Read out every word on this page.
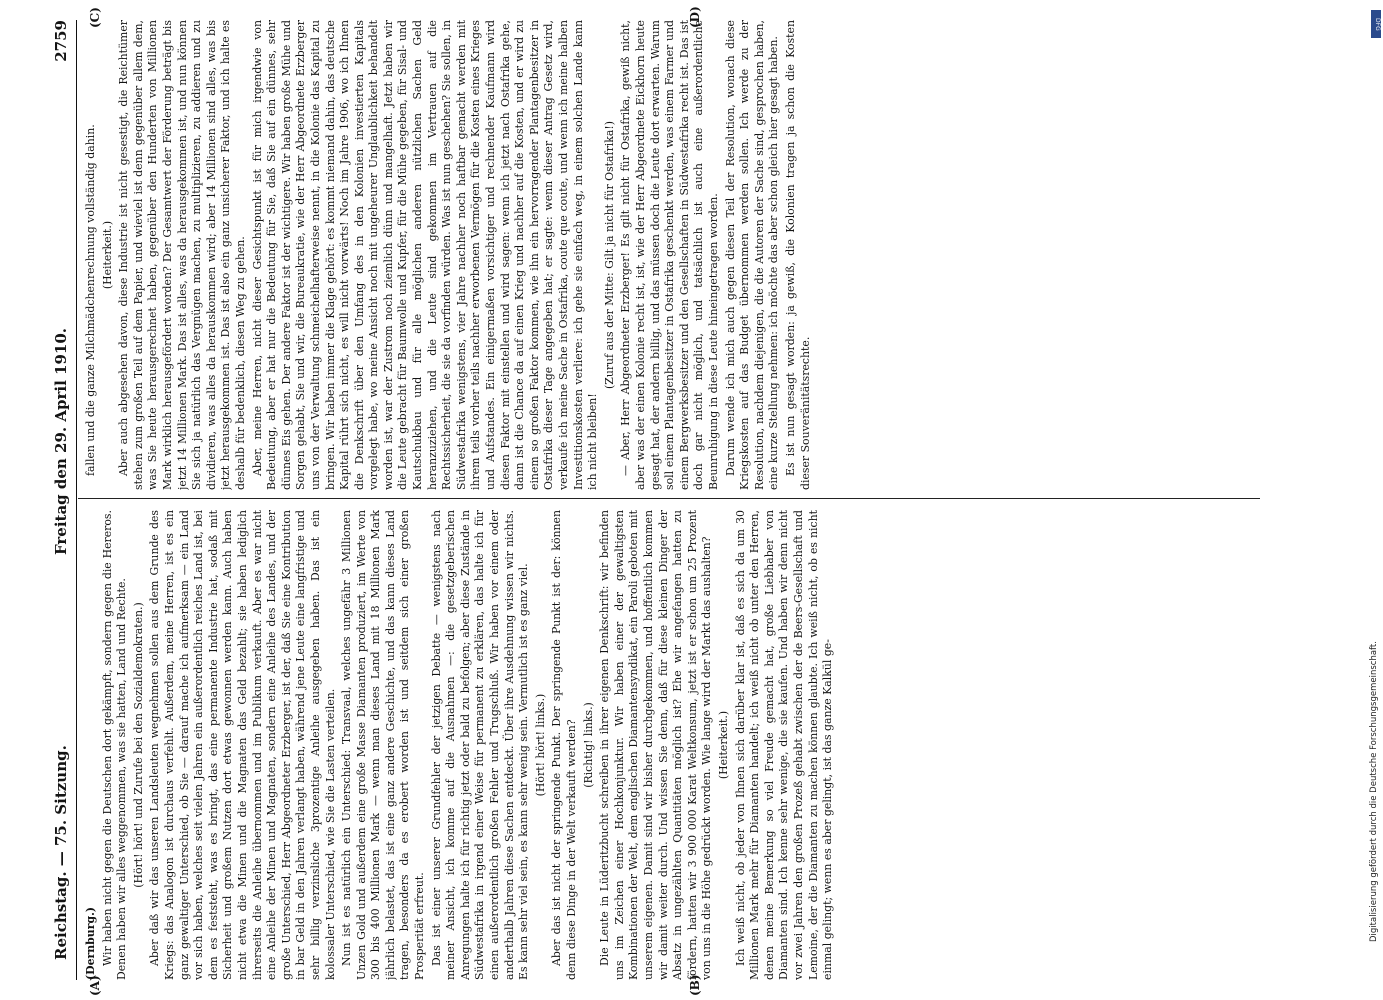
Reichstag. — 75. Sitzung.
Freitag den 29. April 1910.
2759
(A)	(B)
(C)	(D)

(Dernburg.) Wir haben nicht gegen die Deutschen dort gekämpft, sondern gegen die Hereros. Denen haben wir alles weggenommen, was sie hatten, Land und Rechte. (Hört! hört! und Zurufe bei den Sozialdemokraten.) Aber daß wir das unseren Landsleuten wegnehmen sollen aus dem Grunde des Kriegs: das Analogon ist durchaus verfehlt. Außerdem, meine Herren, ist es ein ganz gewaltiger Unterschied, ob Sie — darauf mache ich aufmerksam — ein Land vor sich haben, welches seit vielen Jahren ein außerordentlich reiches Land ist, bei dem es feststeht, was es bringt, das eine permanente Industrie hat, sodaß mit Sicherheit und großem Nutzen dort etwas gewonnen werden kann. Auch haben nicht etwa die Minen und die Magnaten das Geld bezahlt; sie haben lediglich ihrerseits die Anleihe übernommen und im Publikum verkauft. Aber es war nicht eine Anleihe der Minen und Magnaten, sondern eine Anleihe des Landes, und der große Unterschied, Herr Abgeordneter Erzberger, ist der, daß Sie eine Kontribution in bar Geld in den Jahren verlangt haben, während jene Leute eine langfristige und sehr billig verzinsliche 3prozentige Anleihe ausgegeben haben. Das ist ein kolossaler Unterschied, wie Sie die Lasten verteilen. Nun ist es natürlich ein Unterschied: Transvaal, welches ungefähr 3 Millionen Unzen Gold und außerdem eine große Masse Diamanten produziert, im Werte von 300 bis 400 Millionen Mark — wenn man dieses Land mit 18 Millionen Mark jährlich belastet, das ist eine ganz andere Geschichte, und das kann dieses Land tragen, besonders da es erobert worden ist und seitdem sich einer großen Prosperität erfreut. Das ist einer unserer Grundfehler der jetzigen Debatte — wenigstens nach meiner Ansicht, ich komme auf die Ausnahmen —: die gesetzgeberischen Anregungen halte ich für richtig jetzt oder bald zu befolgen; aber diese Zustände in Südwestafrika in irgend einer Weise für permanent zu erklären, das halte ich für einen außerordentlich großen Fehler und Trugschluß. Wir haben vor einem oder anderthalb Jahren diese Sachen entdeckt. Über ihre Ausdehnung wissen wir nichts. Es kann sehr viel sein, es kann sehr wenig sein. Vermutlich ist es ganz viel. (Hört! hört! links.) Aber das ist nicht der springende Punkt. Der springende Punkt ist der: können denn diese Dinge in der Welt verkauft werden? (Richtig! links.) Die Leute in Lüderitzbucht schreiben in ihrer eigenen Denkschrift: wir befinden uns im Zeichen einer Hochkonjunktur. Wir haben einer der gewaltigsten Kombinationen der Welt, dem englischen Diamantensyndikat, ein Paroli geboten mit unserem eigenen. Damit sind wir bisher durchgekommen, und hoffentlich kommen wir damit weiter durch. Und wissen Sie denn, daß für diese kleinen Dinger der Absatz in ungezählten Quantitäten möglich ist? Ehe wir angefangen hatten zu fördern, hatten wir 3 900 000 Karat Weltkonsum, jetzt ist er schon um 25 Prozent von uns in die Höhe gedrückt worden. Wie lange wird der Markt das aushalten? (Heiterkeit.) Ich weiß nicht, ob jeder von Ihnen sich darüber klar ist, daß es sich da um 30 Millionen Mark mehr für Diamanten handelt; ich weiß nicht ob unter den Herren, denen meine Bemerkung so viel Freude gemacht hat, große Liebhaber von Diamanten sind. Ich kenne sehr wenige, die sie kaufen. Und haben wir denn nicht vor zwei Jahren den großen Prozeß gehabt zwischen der de Beers-Gesellschaft und Lemoine, der die Diamanten zu machen können glaubte. Ich weiß nicht, ob es nicht einmal gelingt; wenn es aber gelingt, ist das ganze Kalkül ge-

fallen und die ganze Milchmädchenrechnung vollständig dahin. (Heiterkeit.) Aber auch abgesehen davon, diese Industrie ist nicht gesestigt, die Reichtümer stehen zum großen Teil auf dem Papier, und wieviel ist denn gegenüber allem dem, was Sie heute herausgerechnet haben, gegenüber den Hunderten von Millionen Mark wirklich herausgefördert worden? Der Gesamtwert der Förderung beträgt bis jetzt 14 Millionen Mark. Das ist alles, was da herausgekommen ist, und nun können Sie sich ja natürlich das Vergnügen machen, zu multiplizieren, zu addieren und zu dividieren, was alles da herauskommen wird; aber 14 Millionen sind alles, was bis jetzt herausgekommen ist. Das ist also ein ganz unsicherer Faktor, und ich halte es deshalb für bedenklich, diesen Weg zu gehen. Aber, meine Herren, nicht dieser Gesichtspunkt ist für mich irgendwie von Bedeutung, aber er hat nur die Bedeutung für Sie, daß Sie auf ein dünnes, sehr dünnes Eis gehen. Der andere Faktor ist der wichtigere. Wir haben große Mühe und Sorgen gehabt, Sie und wir, die Bureaukratie, wie der Herr Abgeordnete Erzberger uns von der Verwaltung schmeichelhafterweise nennt, in die Kolonie das Kapital zu bringen. Wir haben immer die Klage gehört: es kommt niemand dahin, das deutsche Kapital rührt sich nicht, es will nicht vorwärts! Noch im Jahre 1906, wo ich Ihnen die Denkschrift über den Umfang des in den Kolonien investierten Kapitals vorgelegt habe, wo meine Ansicht noch mit ungeheurer Unglaublichkeit behandelt worden ist, war der Zustrom noch ziemlich dünn und mangelhaft. Jetzt haben wir die Leute gebracht für Baumwolle und Kupfer, für die Mühe gegeben, für Sisal- und Kautschukbau und für alle möglichen anderen nützlichen Sachen Geld heranzuziehen, und die Leute sind gekommen im Vertrauen auf die Rechtssicherheit, die sie da vorfinden würden. Was ist nun geschehen? Sie sollen, in Südwestafrika wenigstens, vier Jahre nachher noch haftbar gemacht werden mit ihrem teils vorher teils nachher erworbenen Vermögen für die Kosten eines Krieges und Aufstandes. Ein einigermaßen vorsichtiger und rechnender Kaufmann wird diesen Faktor mit einstellen und wird sagen: wenn ich jetzt nach Ostafrika gehe, dann ist die Chance da auf einen Krieg und nachher auf die Kosten, und er wird zu einem so großen Faktor kommen, wie ihn ein hervorragender Plantagenbesitzer in Ostafrika dieser Tage angegeben hat; er sagte: wenn dieser Antrag Gesetz wird, verkaufe ich meine Sache in Ostafrika, coute que coute, und wenn ich meine halben Investitionskosten verliere: ich gehe sie einfach weg, in einem solchen Lande kann ich nicht bleiben!

(Zuruf aus der Mitte: Gilt ja nicht für Ostafrika!) — Aber, Herr Abgeordneter Erzberger! Es gilt nicht für Ostafrika, gewiß nicht, aber was der einen Kolonie recht ist, ist, wie der Herr Abgeordnete Eickhorn heute gesagt hat, der andern billig, und das müssen doch die Leute dort erwarten. Warum soll einem Plantagenbesitzer in Ostafrika geschenkt werden, was einem Farmer und einem Bergwerksbesitzer und den Gesellschaften in Südwestafrika recht ist. Das ist doch gar nicht möglich, und tatsächlich ist auch eine außerordentliche Beunruhigung in diese Leute hineingetragen worden. Darum wende ich mich auch gegen diesen Teil der Resolution, wonach diese Kriegskosten auf das Budget übernommen werden sollen. Ich werde zu der Resolution, nachdem diejenigen, die die Autoren der Sache sind, gesprochen haben, eine kurze Stellung nehmen: ich möchte das aber schon gleich hier gesagt haben. Es ist nun gesagt worden: ja gewiß, die Kolonien tragen ja schon die Kosten dieser Souveränitätsrechte.

DFG
Digitalisierung gefördert durch die Deutsche Forschungsgemeinschaft.
